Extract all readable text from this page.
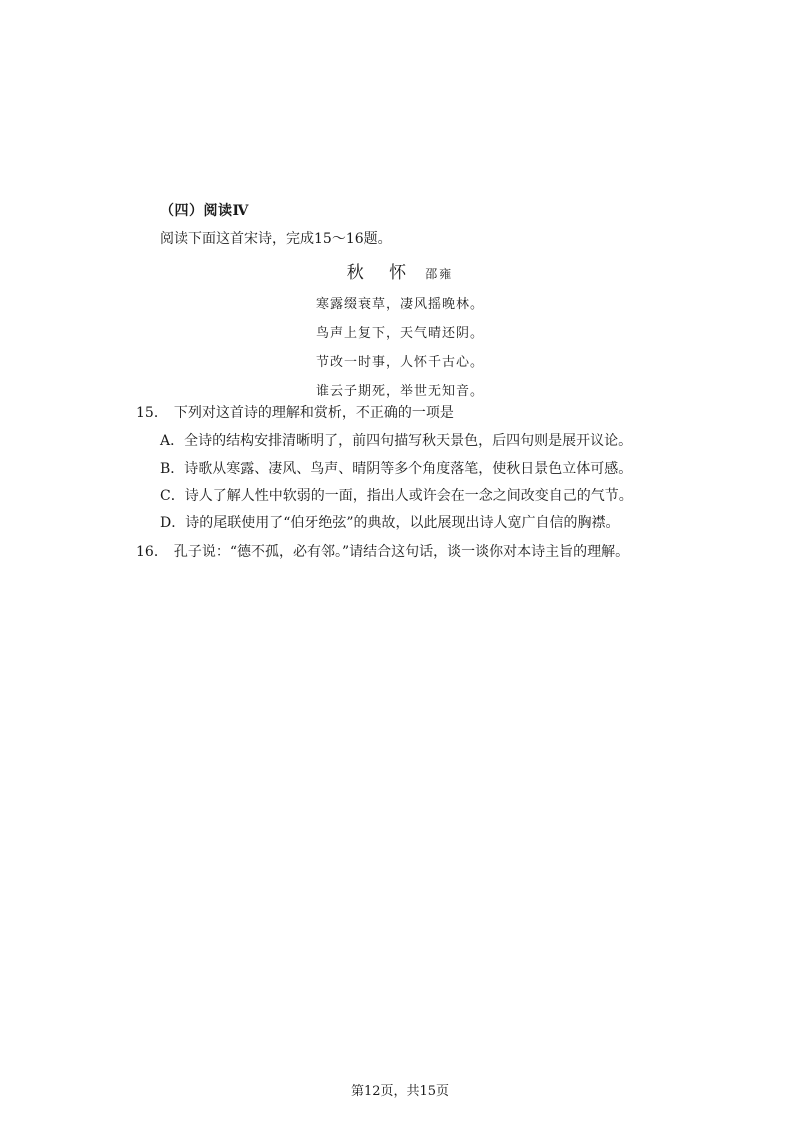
（四）阅读Ⅳ
阅读下面这首宋诗，完成15～16题。
秋 怀 邵雍
寒露缀衰草，凄风摇晚林。
鸟声上复下，天气晴还阴。
节改一时事，人怀千古心。
谁云子期死，举世无知音。
15． 下列对这首诗的理解和赏析，不正确的一项是
A．全诗的结构安排清晰明了，前四句描写秋天景色，后四句则是展开议论。
B．诗歌从寒露、凄风、鸟声、晴阴等多个角度落笔，使秋日景色立体可感。
C．诗人了解人性中软弱的一面，指出人或许会在一念之间改变自己的气节。
D．诗的尾联使用了“伯牙绝弦”的典故，以此展现出诗人宽广自信的胸襟。
16． 孔子说：“德不孤，必有邻。”请结合这句话，谈一谈你对本诗主旨的理解。
第12页，共15页
